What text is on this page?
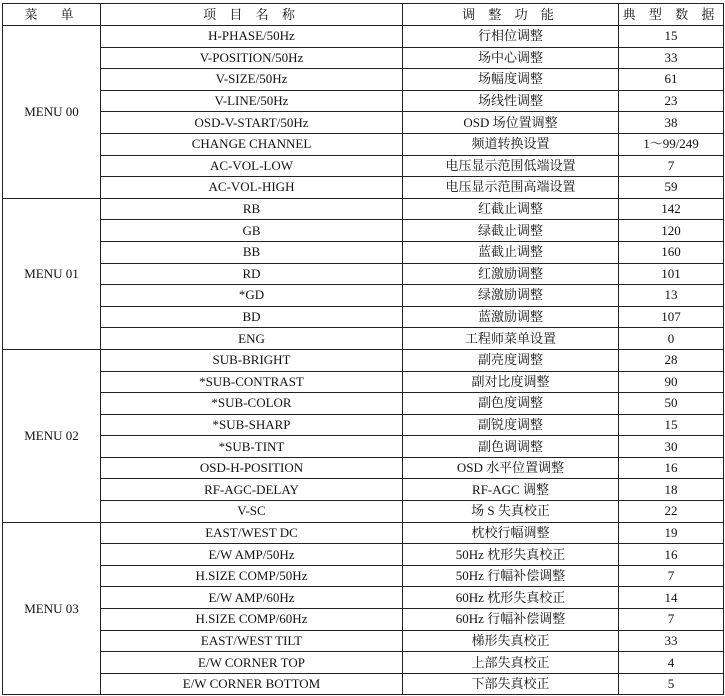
菜　单	项 目 名 称	调 整 功 能	典 型 数 据
MENU 00	H-PHASE/50Hz	行相位调整	15
	V-POSITION/50Hz	场中心调整	33
	V-SIZE/50Hz	场幅度调整	61
	V-LINE/50Hz	场线性调整	23
	OSD-V-START/50Hz	OSD 场位置调整	38
	CHANGE CHANNEL	频道转换设置	1～99/249
	AC-VOL-LOW	电压显示范围低端设置	7
	AC-VOL-HIGH	电压显示范围高端设置	59
MENU 01	RB	红截止调整	142
	GB	绿截止调整	120
	BB	蓝截止调整	160
	RD	红激励调整	101
	*GD	绿激励调整	13
	BD	蓝激励调整	107
	ENG	工程师菜单设置	0
MENU 02	SUB-BRIGHT	副亮度调整	28
	*SUB-CONTRAST	副对比度调整	90
	*SUB-COLOR	副色度调整	50
	*SUB-SHARP	副锐度调整	15
	*SUB-TINT	副色调调整	30
	OSD-H-POSITION	OSD 水平位置调整	16
	RF-AGC-DELAY	RF-AGC 调整	18
	V-SC	场 S 失真校正	22
MENU 03	EAST/WEST DC	枕校行幅调整	19
	E/W AMP/50Hz	50Hz 枕形失真校正	16
	H.SIZE COMP/50Hz	50Hz 行幅补偿调整	7
	E/W AMP/60Hz	60Hz 枕形失真校正	14
	H.SIZE COMP/60Hz	60Hz 行幅补偿调整	7
	EAST/WEST TILT	梯形失真校正	33
	E/W CORNER TOP	上部失真校正	4
	E/W CORNER BOTTOM	下部失真校正	5
